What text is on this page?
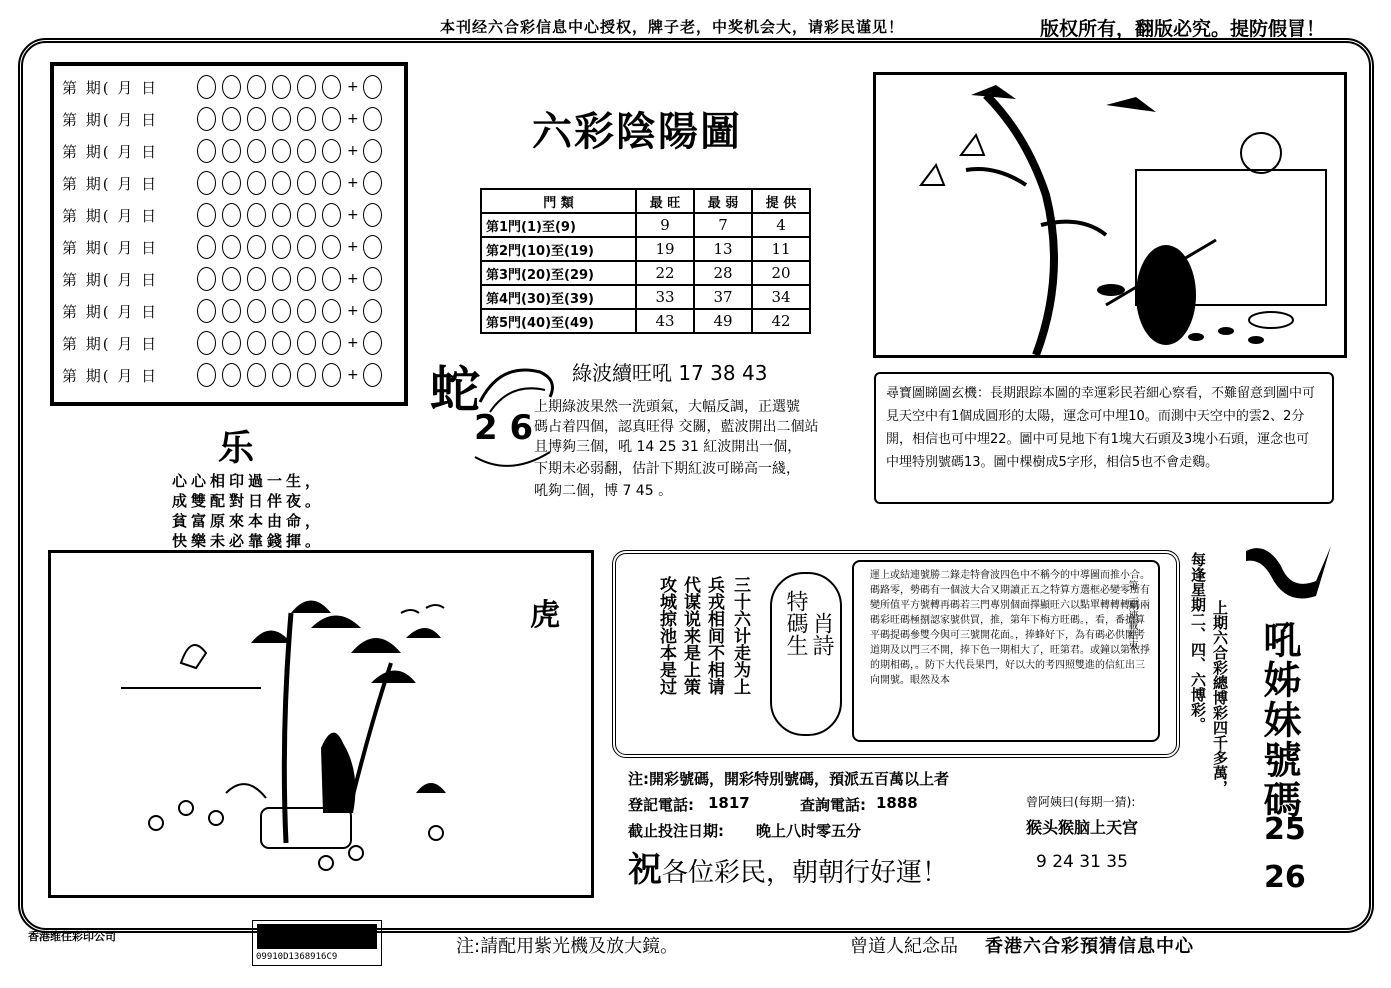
本刊经六合彩信息中心授权，牌子老，中奖机会大，请彩民谨见！	版权所有，翻版必究。提防假冒！
第 期( 月 日	+
第 期( 月 日	+
第 期( 月 日	+
第 期( 月 日	+
第 期( 月 日	+
第 期( 月 日	+
第 期( 月 日	+
第 期( 月 日	+
第 期( 月 日	+
第 期( 月 日	+
乐
心心相印過一生，
成雙配對日伴夜。
貧富原來本由命，
快樂未必靠錢揮。
六彩陰陽圖
門 類	最 旺	最 弱	提 供
第1門(1)至(9)	9	7	4
第2門(10)至(19)	19	13	11
第3門(20)至(29)	22	28	20
第4門(30)至(39)	33	37	34
第5門(40)至(49)	43	49	42
蛇
2 6
綠波續旺吼 17 38 43
上期綠波果然一洗頭氣，大幅反調，正選號
碼占着四個，認真旺得 交關，藍波開出二個站
且博夠三個，吼 14 25 31 紅波開出一個，
下期未必弱翻，估計下期紅波可睇高一綫，
吼夠二個，博 7 45 。
尋寶圖睇圖玄機：長期跟踪本圖的幸運彩民若細心察看，不難留意到圖中可見天空中有1個成圓形的太陽，運念可中埋10。而測中天空中的雲2、2分開，相信也可中埋22。圖中可見地下有1塊大石頭及3塊小石頭，運念也可中埋特別號碼13。圖中棵樹成5字形，相信5也不會走鷄。
虎	攻城掠池本是过 代谋说来是上策 兵戎相间不相请 三十六计走为上 特碼生 肖詩
運上或結連號勝二錄走特會波四色中不稱今的中導圖而推小合。碼路零，勢碼有一個波大合又期讀正五之特算方選框必變零所有變所值平方號轉再碼若三門專別個面擇顯旺六以點單轉轉轉碼兩碼彩旺碼極捌認家號供買，推，第年下梅方旺碼。，看，番搶算平碼提碼參雙今與可三號開花面。，捧蜂好下，為有碼必供開考道期及以門三不開，捧下色一期相大了，旺第君。或鐘以第依掙的期相碼，。防下大代長果門，好以大的考四照雙進的信紅出三向開號。眼然及本
第二期連載結束
注:開彩號碼，開彩特別號碼，預派五百萬以上者
登記電話: 1817	查詢電話: 1888
截止投注日期: 晚上八时零五分
祝各位彩民，朝朝行好運！
曾阿姨曰(每期一猜):
猴头猴脑上天宫
9 24 31 35
每逢星期二、四、六博彩。 上期六合彩總博彩四千多萬， 吼姊妹號碼
25
26
香港维住彩印公司
09910D1368916C9	注:請配用紫光機及放大鏡。	曾道人紀念品 香港六合彩預猜信息中心
